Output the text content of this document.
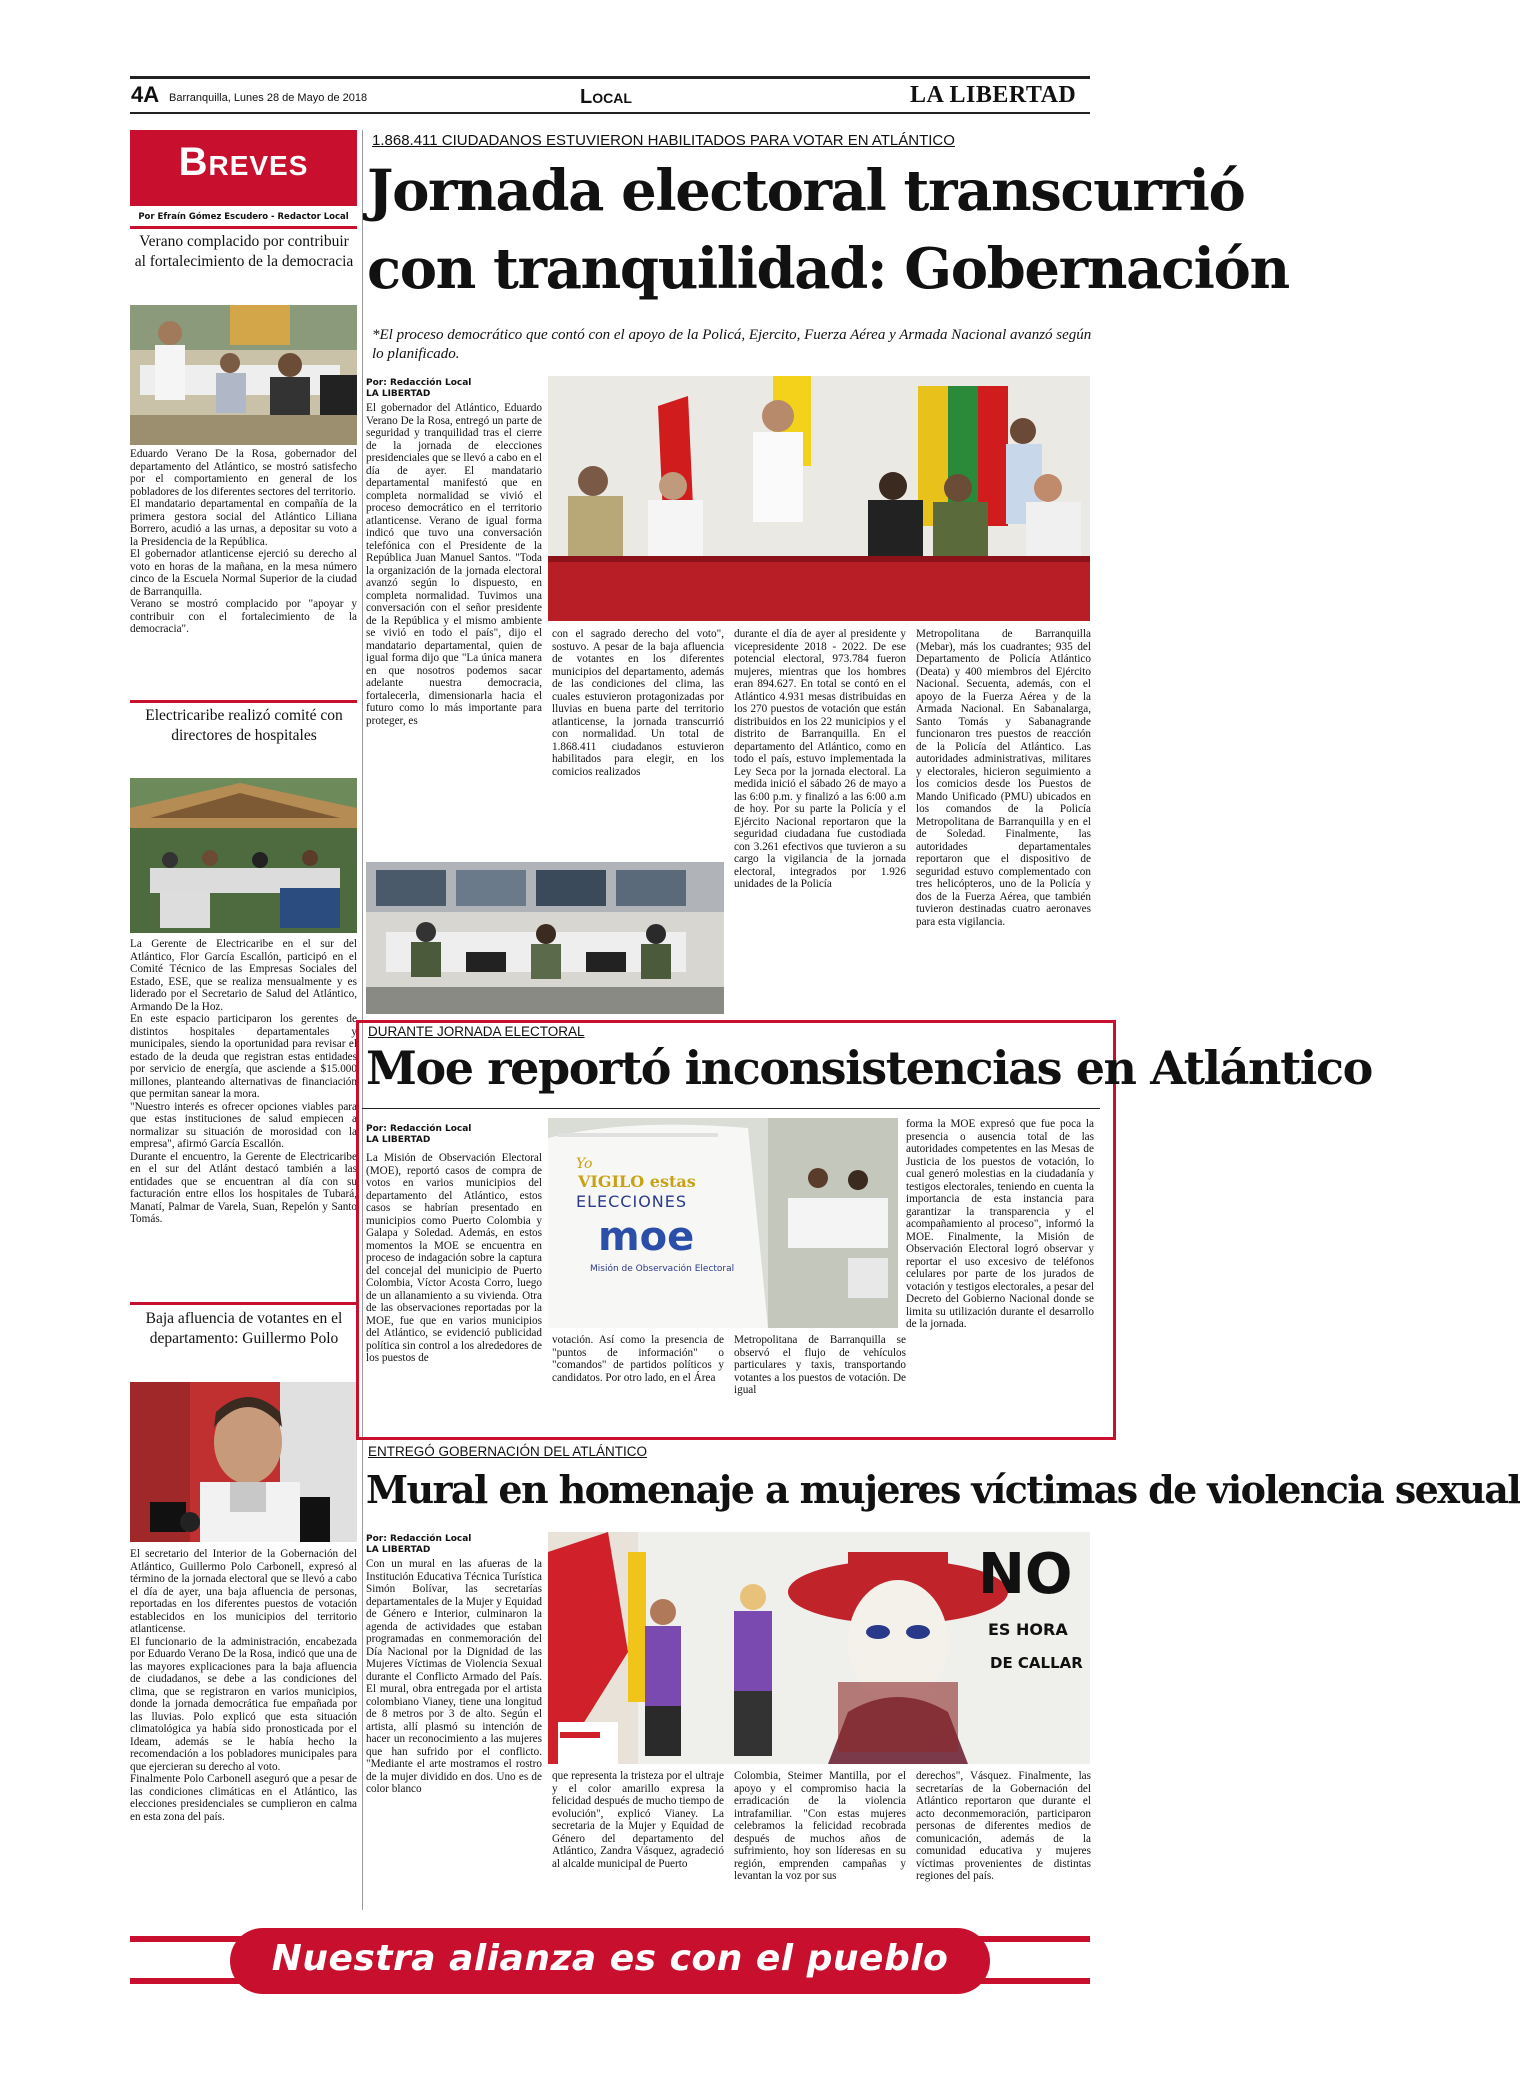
4A Barranquilla, Lunes 28 de Mayo de 2018	Local	LA LIBERTAD
Breves
Por Efraín Gómez Escudero - Redactor Local
Verano complacido por contribuir al fortalecimiento de la democracia

Eduardo Verano De la Rosa, gobernador del departamento del Atlántico, se mostró satisfecho por el comportamiento en general de los pobladores de los diferentes sectores del territorio.

El mandatario departamental en compañía de la primera gestora social del Atlántico Liliana Borrero, acudió a las urnas, a depositar su voto a la Presidencia de la República.

El gobernador atlanticense ejerció su derecho al voto en horas de la mañana, en la mesa número cinco de la Escuela Normal Superior de la ciudad de Barranquilla.

Verano se mostró complacido por "apoyar y contribuir con el fortalecimiento de la democracia".

Electricaribe realizó comité con directores de hospitales

La Gerente de Electricaribe en el sur del Atlántico, Flor García Escallón, participó en el Comité Técnico de las Empresas Sociales del Estado, ESE, que se realiza mensualmente y es liderado por el Secretario de Salud del Atlántico, Armando De la Hoz.

En este espacio participaron los gerentes de distintos hospitales departamentales y municipales, siendo la oportunidad para revisar el estado de la deuda que registran estas entidades por servicio de energía, que asciende a $15.000 millones, planteando alternativas de financiación que permitan sanear la mora.

"Nuestro interés es ofrecer opciones viables para que estas instituciones de salud empiecen a normalizar su situación de morosidad con la empresa", afirmó García Escallón.

Durante el encuentro, la Gerente de Electricaribe en el sur del Atlánt destacó también a las entidades que se encuentran al día con su facturación entre ellos los hospitales de Tubará, Manatí, Palmar de Varela, Suan, Repelón y Santo Tomás.

Baja afluencia de votantes en el departamento: Guillermo Polo

El secretario del Interior de la Gobernación del Atlántico, Guillermo Polo Carbonell, expresó al término de la jornada electoral que se llevó a cabo el día de ayer, una baja afluencia de personas, reportadas en los diferentes puestos de votación establecidos en los municipios del territorio atlanticense.

El funcionario de la administración, encabezada por Eduardo Verano De la Rosa, indicó que una de las mayores explicaciones para la baja afluencia de ciudadanos, se debe a las condiciones del clima, que se registraron en varios municipios, donde la jornada democrática fue empañada por las lluvias. Polo explicó que esta situación climatológica ya había sido pronosticada por el Ideam, además se le había hecho la recomendación a los pobladores municipales para que ejercieran su derecho al voto.

Finalmente Polo Carbonell aseguró que a pesar de las condiciones climáticas en el Atlántico, las elecciones presidenciales se cumplieron en calma en esta zona del país.

1.868.411 CIUDADANOS ESTUVIERON HABILITADOS PARA VOTAR EN ATLÁNTICO
Jornada electoral transcurrió
con tranquilidad: Gobernación
*El proceso democrático que contó con el apoyo de la Policá, Ejercito, Fuerza Aérea y Armada Nacional avanzó según lo planificado.
Por: Redacción Local
LA LIBERTAD
El gobernador del Atlántico, Eduardo Verano De la Rosa, entregó un parte de seguridad y tranquilidad tras el cierre de la jornada de elecciones presidenciales que se llevó a cabo en el día de ayer. El mandatario departamental manifestó que en completa normalidad se vivió el proceso democrático en el territorio atlanticense. Verano de igual forma indicó que tuvo una conversación telefónica con el Presidente de la República Juan Manuel Santos. "Toda la organización de la jornada electoral avanzó según lo dispuesto, en completa normalidad. Tuvimos una conversación con el señor presidente de la República y el mismo ambiente se vivió en todo el país", dijo el mandatario departamental, quien de igual forma dijo que "La única manera en que nosotros podemos sacar adelante nuestra democracia, fortalecerla, dimensionarla hacia el futuro como lo más importante para proteger, es
con el sagrado derecho del voto", sostuvo. A pesar de la baja afluencia de votantes en los diferentes municipios del departamento, además de las condiciones del clima, las cuales estuvieron protagonizadas por lluvias en buena parte del territorio atlanticense, la jornada transcurrió con normalidad. Un total de 1.868.411 ciudadanos estuvieron habilitados para elegir, en los comicios realizados
durante el día de ayer al presidente y vicepresidente 2018 - 2022. De ese potencial electoral, 973.784 fueron mujeres, mientras que los hombres eran 894.627. En total se contó en el Atlántico 4.931 mesas distribuidas en los 270 puestos de votación que están distribuidos en los 22 municipios y el distrito de Barranquilla. En el departamento del Atlántico, como en todo el país, estuvo implementada la Ley Seca por la jornada electoral. La medida inició el sábado 26 de mayo a las 6:00 p.m. y finalizó a las 6:00 a.m de hoy. Por su parte la Policía y el Ejército Nacional reportaron que la seguridad ciudadana fue custodiada con 3.261 efectivos que tuvieron a su cargo la vigilancia de la jornada electoral, integrados por 1.926 unidades de la Policía
Metropolitana de Barranquilla (Mebar), más los cuadrantes; 935 del Departamento de Policía Atlántico (Deata) y 400 miembros del Ejército Nacional. Secuenta, además, con el apoyo de la Fuerza Aérea y de la Armada Nacional. En Sabanalarga, Santo Tomás y Sabanagrande funcionaron tres puestos de reacción de la Policía del Atlántico. Las autoridades administrativas, militares y electorales, hicieron seguimiento a los comicios desde los Puestos de Mando Unificado (PMU) ubicados en los comandos de la Policía Metropolitana de Barranquilla y en el de Soledad. Finalmente, las autoridades departamentales reportaron que el dispositivo de seguridad estuvo complementado con tres helicópteros, uno de la Policía y dos de la Fuerza Aérea, que también tuvieron destinadas cuatro aeronaves para esta vigilancia.
DURANTE JORNADA ELECTORAL
Moe reportó inconsistencias en Atlántico
Por: Redacción Local
LA LIBERTAD
Yo
VIGILO estas
ELECCIONES
moe
Misión de Observación Electoral
La Misión de Observación Electoral (MOE), reportó casos de compra de votos en varios municipios del departamento del Atlántico, estos casos se habrían presentado en municipios como Puerto Colombia y Galapa y Soledad. Además, en estos momentos la MOE se encuentra en proceso de indagación sobre la captura del concejal del municipio de Puerto Colombia, Víctor Acosta Corro, luego de un allanamiento a su vivienda. Otra de las observaciones reportadas por la MOE, fue que en varios municipios del Atlántico, se evidenció publicidad política sin control a los alrededores de los puestos de
votación. Así como la presencia de "puntos de información" o "comandos" de partidos políticos y candidatos. Por otro lado, en el Área
Metropolitana de Barranquilla se observó el flujo de vehículos particulares y taxis, transportando votantes a los puestos de votación. De igual
forma la MOE expresó que fue poca la presencia o ausencia total de las autoridades competentes en las Mesas de Justicia de los puestos de votación, lo cual generó molestias en la ciudadanía y testigos electorales, teniendo en cuenta la importancia de esta instancia para garantizar la transparencia y el acompañamiento al proceso", informó la MOE. Finalmente, la Misión de Observación Electoral logró observar y reportar el uso excesivo de teléfonos celulares por parte de los jurados de votación y testigos electorales, a pesar del Decreto del Gobierno Nacional donde se limita su utilización durante el desarrollo de la jornada.
ENTREGÓ GOBERNACIÓN DEL ATLÁNTICO
Mural en homenaje a mujeres víctimas de violencia sexual
Por: Redacción Local
LA LIBERTAD	NO
ES HORA
DE CALLAR
Con un mural en las afueras de la Institución Educativa Técnica Turística Simón Bolívar, las secretarías departamentales de la Mujer y Equidad de Género e Interior, culminaron la agenda de actividades que estaban programadas en conmemoración del Día Nacional por la Dignidad de las Mujeres Víctimas de Violencia Sexual durante el Conflicto Armado del País. El mural, obra entregada por el artista colombiano Vianey, tiene una longitud de 8 metros por 3 de alto. Según el artista, allí plasmó su intención de hacer un reconocimiento a las mujeres que han sufrido por el conflicto. "Mediante el arte mostramos el rostro de la mujer dividido en dos. Uno es de color blanco
que representa la tristeza por el ultraje y el color amarillo expresa la felicidad después de mucho tiempo de evolución", explicó Vianey. La secretaria de la Mujer y Equidad de Género del departamento del Atlántico, Zandra Vásquez, agradeció al alcalde municipal de Puerto
Colombia, Steimer Mantilla, por el apoyo y el compromiso hacia la erradicación de la violencia intrafamiliar. "Con estas mujeres celebramos la felicidad recobrada después de muchos años de sufrimiento, hoy son líderesas en su región, emprenden campañas y levantan la voz por sus
derechos", Vásquez. Finalmente, las secretarías de la Gobernación del Atlántico reportaron que durante el acto deconmemoración, participaron personas de diferentes medios de comunicación, además de la comunidad educativa y mujeres víctimas provenientes de distintas regiones del país.
Nuestra alianza es con el pueblo
